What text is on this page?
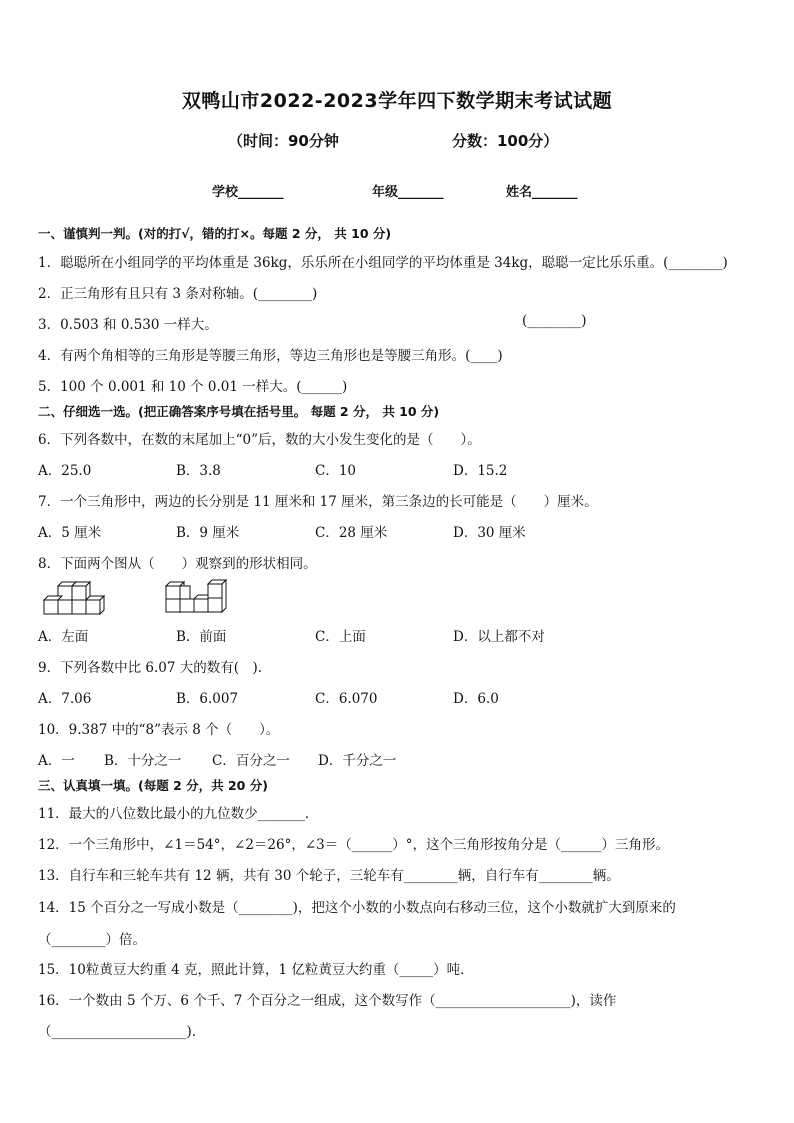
双鸭山市2022-2023学年四下数学期末考试试题
（时间：90分钟	分数：100分）
学校_______	年级_______	姓名_______
一、谨慎判一判。(对的打√，错的打×。每题 2 分， 共 10 分)
1．聪聪所在小组同学的平均体重是 36kg，乐乐所在小组同学的平均体重是 34kg，聪聪一定比乐乐重。(________)
2．正三角形有且只有 3 条对称轴。(________)
3．0.503 和 0.530 一样大。	(________)
4．有两个角相等的三角形是等腰三角形，等边三角形也是等腰三角形。(____)
5．100 个 0.001 和 10 个 0.01 一样大。(______)
二、仔细选一选。(把正确答案序号填在括号里。 每题 2 分， 共 10 分)
6．下列各数中，在数的末尾加上“0”后，数的大小发生变化的是（　　）。
A．25.0	B．3.8	C．10	D．15.2
7．一个三角形中，两边的长分别是 11 厘米和 17 厘米，第三条边的长可能是（　　）厘米。
A．5 厘米	B．9 厘米	C．28 厘米	D．30 厘米
8．下面两个图从（　　）观察到的形状相同。
A．左面	B．前面	C．上面	D．以上都不对
9．下列各数中比 6.07 大的数有(　).
A．7.06	B．6.007	C．6.070	D．6.0
10．9.387 中的“8”表示 8 个（　　）。
A．一 B．十分之一 C．百分之一 D．千分之一
三、认真填一填。(每题 2 分，共 20 分)
11．最大的八位数比最小的九位数少_______．
12．一个三角形中，∠1＝54°，∠2＝26°，∠3＝（______）°，这个三角形按角分是（______）三角形。
13．自行车和三轮车共有 12 辆，共有 30 个轮子，三轮车有________辆，自行车有________辆。
14．15 个百分之一写成小数是（________)，把这个小数的小数点向右移动三位，这个小数就扩大到原来的
（________）倍。
15．10粒黄豆大约重 4 克，照此计算，1 亿粒黄豆大约重（_____）吨．
16．一个数由 5 个万、6 个千、7 个百分之一组成，这个数写作（____________________)，读作
（____________________).
